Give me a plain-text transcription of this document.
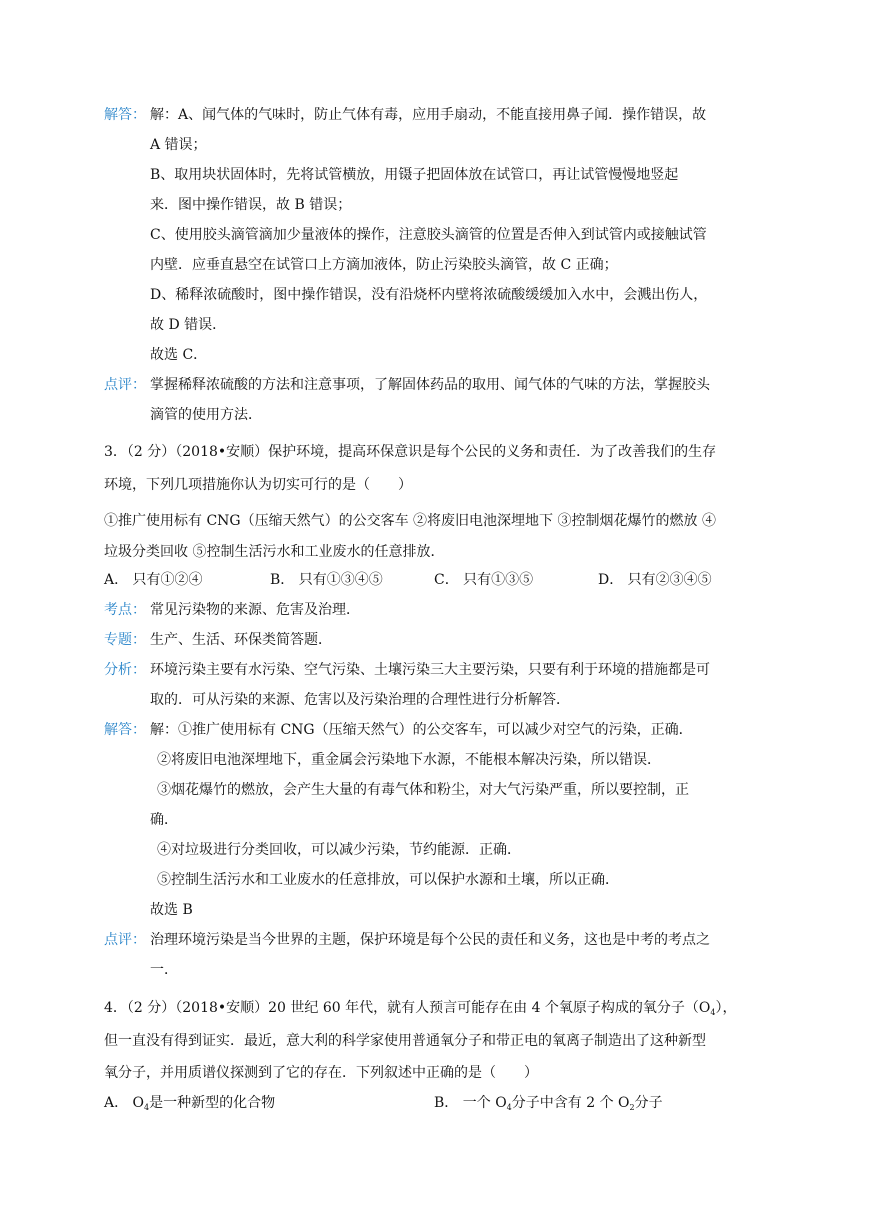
解答： 解：A、闻气体的气味时，防止气体有毒，应用手扇动，不能直接用鼻子闻．操作错误，故
A 错误；
B、取用块状固体时，先将试管横放，用镊子把固体放在试管口，再让试管慢慢地竖起
来．图中操作错误，故 B 错误；
C、使用胶头滴管滴加少量液体的操作，注意胶头滴管的位置是否伸入到试管内或接触试管
内壁．应垂直悬空在试管口上方滴加液体，防止污染胶头滴管，故 C 正确；
D、稀释浓硫酸时，图中操作错误，没有沿烧杯内壁将浓硫酸缓缓加入水中，会溅出伤人，
故 D 错误．
故选 C．
点评： 掌握稀释浓硫酸的方法和注意事项，了解固体药品的取用、闻气体的气味的方法，掌握胶头
滴管的使用方法．
3．（2 分）（2018•安顺）保护环境，提高环保意识是每个公民的义务和责任．为了改善我们的生存
环境，下列几项措施你认为切实可行的是（　　）
①推广使用标有 CNG（压缩天然气）的公交客车 ②将废旧电池深埋地下 ③控制烟花爆竹的燃放 ④
垃圾分类回收 ⑤控制生活污水和工业废水的任意排放．
A． 只有①②④	B． 只有①③④⑤	C． 只有①③⑤	D． 只有②③④⑤
考点： 常见污染物的来源、危害及治理．
专题： 生产、生活、环保类简答题．
分析： 环境污染主要有水污染、空气污染、土壤污染三大主要污染，只要有利于环境的措施都是可
取的．可从污染的来源、危害以及污染治理的合理性进行分析解答．
解答： 解：①推广使用标有 CNG（压缩天然气）的公交客车，可以减少对空气的污染，正确．
②将废旧电池深埋地下，重金属会污染地下水源，不能根本解决污染，所以错误．
③烟花爆竹的燃放，会产生大量的有毒气体和粉尘，对大气污染严重，所以要控制，正
确．
④对垃圾进行分类回收，可以减少污染，节约能源．正确．
⑤控制生活污水和工业废水的任意排放，可以保护水源和土壤，所以正确．
故选 B
点评： 治理环境污染是当今世界的主题，保护环境是每个公民的责任和义务，这也是中考的考点之
一．
4．（2 分）（2018•安顺）20 世纪 60 年代，就有人预言可能存在由 4 个氧原子构成的氧分子$(O_4)$，
但一直没有得到证实．最近，意大利的科学家使用普通氧分子和带正电的氧离子制造出了这种新型
氧分子，并用质谱仪探测到了它的存在．下列叙述中正确的是（　　）
A． $O_4$是一种新型的化合物	B． 一个 $O_4$分子中含有 2 个 $O_2$分子
